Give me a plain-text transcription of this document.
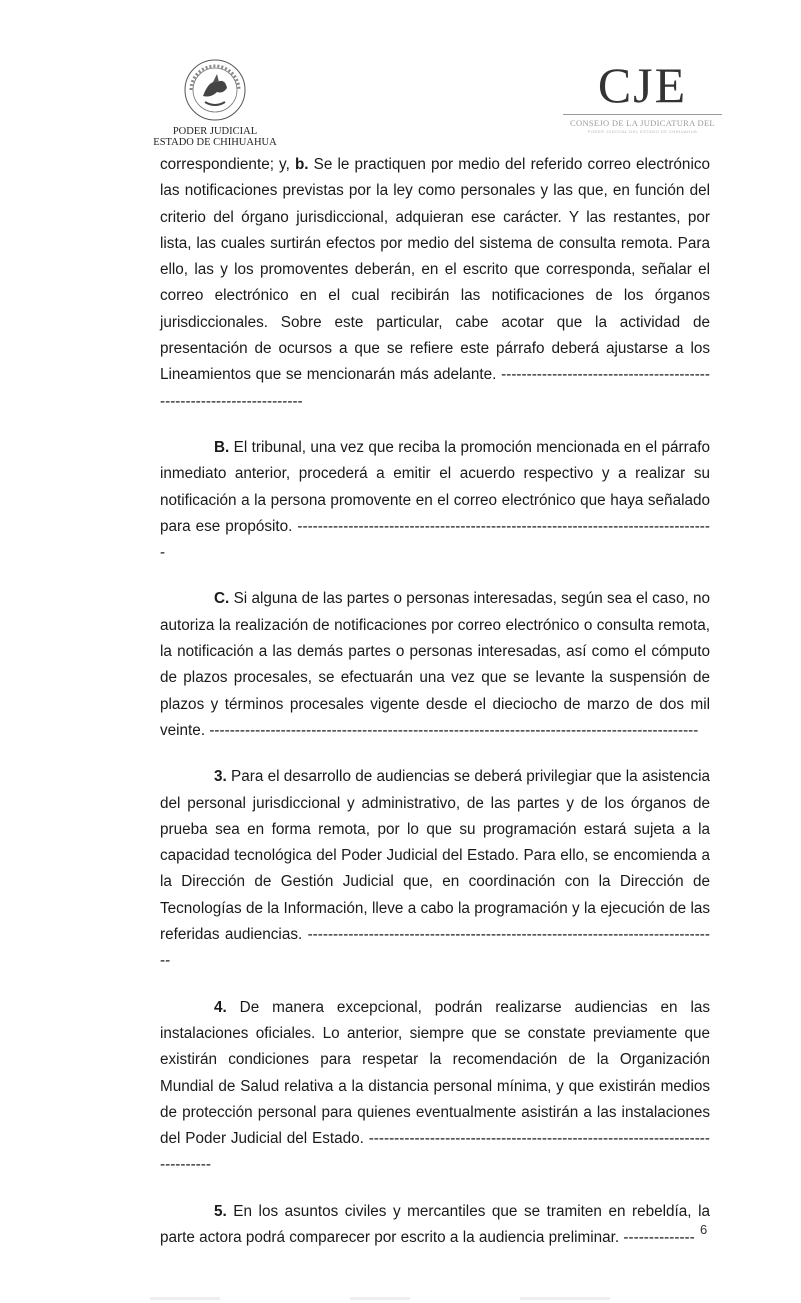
PODER JUDICIAL
ESTADO DE CHIHUAHUA
CJE
CONSEJO DE LA JUDICATURA DEL
PODER JUDICIAL DEL ESTADO DE CHIHUAHUA

correspondiente; y, b. Se le practiquen por medio del referido correo electrónico las notificaciones previstas por la ley como personales y las que, en función del criterio del órgano jurisdiccional, adquieran ese carácter. Y las restantes, por lista, las cuales surtirán efectos por medio del sistema de consulta remota. Para ello, las y los promoventes deberán, en el escrito que corresponda, señalar el correo electrónico en el cual recibirán las notificaciones de los órganos jurisdiccionales. Sobre este particular, cabe acotar que la actividad de presentación de ocursos a que se refiere este párrafo deberá ajustarse a los Lineamientos que se mencionarán más adelante. ---------------------------------------------------------------------

B. El tribunal, una vez que reciba la promoción mencionada en el párrafo inmediato anterior, procederá a emitir el acuerdo respectivo y a realizar su notificación a la persona promovente en el correo electrónico que haya señalado para ese propósito. ----------------------------------------------------------------------------------

C. Si alguna de las partes o personas interesadas, según sea el caso, no autoriza la realización de notificaciones por correo electrónico o consulta remota, la notificación a las demás partes o personas interesadas, así como el cómputo de plazos procesales, se efectuarán una vez que se levante la suspensión de plazos y términos procesales vigente desde el dieciocho de marzo de dos mil veinte. ------------------------------------------------------------------------------------------------

3. Para el desarrollo de audiencias se deberá privilegiar que la asistencia del personal jurisdiccional y administrativo, de las partes y de los órganos de prueba sea en forma remota, por lo que su programación estará sujeta a la capacidad tecnológica del Poder Judicial del Estado. Para ello, se encomienda a la Dirección de Gestión Judicial que, en coordinación con la Dirección de Tecnologías de la Información, lleve a cabo la programación y la ejecución de las referidas audiencias. ---------------------------------------------------------------------------------

4. De manera excepcional, podrán realizarse audiencias en las instalaciones oficiales. Lo anterior, siempre que se constate previamente que existirán condiciones para respetar la recomendación de la Organización Mundial de Salud relativa a la distancia personal mínima, y que existirán medios de protección personal para quienes eventualmente asistirán a las instalaciones del Poder Judicial del Estado. -----------------------------------------------------------------------------

5. En los asuntos civiles y mercantiles que se tramiten en rebeldía, la parte actora podrá comparecer por escrito a la audiencia preliminar. -------------- 6
